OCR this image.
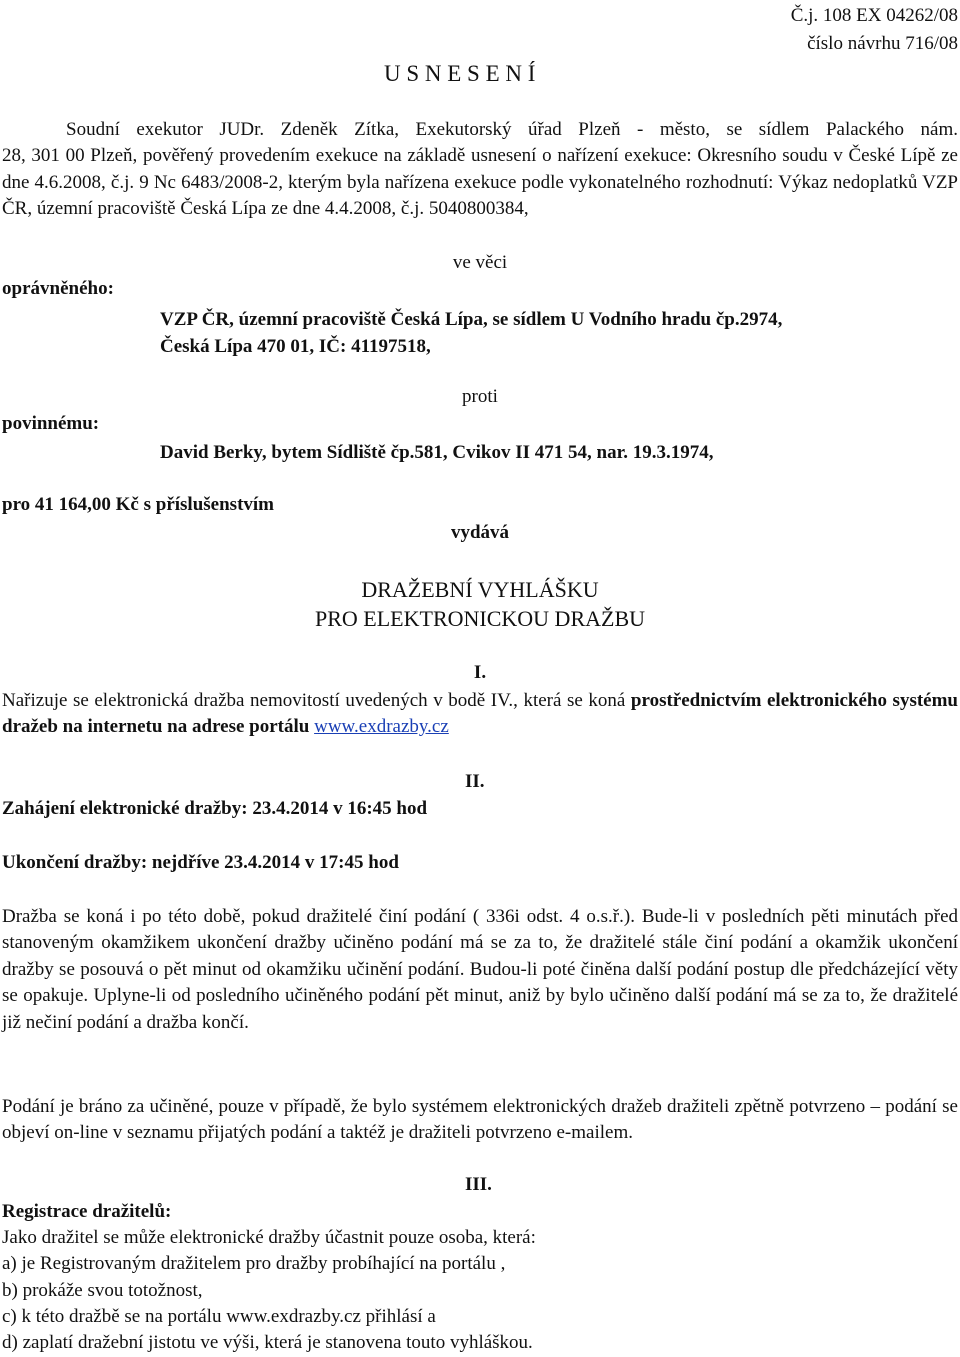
Č.j. 108 EX 04262/08
číslo návrhu 716/08
U S N E S E N Í
Soudní exekutor JUDr. Zdeněk Zítka, Exekutorský úřad Plzeň - město, se sídlem Palackého nám.
28, 301 00 Plzeň, pověřený provedením exekuce na základě usnesení o nařízení exekuce: Okresního soudu v České Lípě ze dne 4.6.2008, č.j. 9 Nc 6483/2008-2, kterým byla nařízena exekuce podle vykonatelného rozhodnutí: Výkaz nedoplatků VZP ČR, územní pracoviště Česká Lípa ze dne 4.4.2008, č.j. 5040800384,
ve věci
oprávněného:
VZP ČR, územní pracoviště Česká Lípa, se sídlem U Vodního hradu čp.2974,
Česká Lípa 470 01, IČ: 41197518,
proti
povinnému:
David Berky, bytem Sídliště čp.581, Cvikov II 471 54, nar. 19.3.1974,
pro 41 164,00 Kč s příslušenstvím
vydává
DRAŽEBNÍ VYHLÁŠKU
PRO ELEKTRONICKOU DRAŽBU
I.
Nařizuje se elektronická dražba nemovitostí uvedených v bodě IV., která se koná prostřednictvím elektronického systému dražeb na internetu na adrese portálu www.exdrazby.cz
II.
Zahájení elektronické dražby: 23.4.2014 v 16:45 hod
Ukončení dražby: nejdříve 23.4.2014 v 17:45 hod
Dražba se koná i po této době, pokud dražitelé činí podání ( 336i odst. 4 o.s.ř.). Bude-li v posledních pěti minutách před stanoveným okamžikem ukončení dražby učiněno podání má se za to, že dražitelé stále činí podání a okamžik ukončení dražby se posouvá o pět minut od okamžiku učinění podání. Budou-li poté činěna další podání postup dle předcházející věty se opakuje. Uplyne-li od posledního učiněného podání pět minut, aniž by bylo učiněno další podání má se za to, že dražitelé již nečiní podání a dražba končí.
Podání je bráno za učiněné, pouze v případě, že bylo systémem elektronických dražeb dražiteli zpětně potvrzeno – podání se objeví on-line v seznamu přijatých podání a taktéž je dražiteli potvrzeno e-mailem.
III.
Registrace dražitelů:
Jako dražitel se může elektronické dražby účastnit pouze osoba, která:
a) je Registrovaným dražitelem pro dražby probíhající na portálu ,
b) prokáže svou totožnost,
c) k této dražbě se na portálu www.exdrazby.cz přihlásí a
d) zaplatí dražební jistotu ve výši, která je stanovena touto vyhláškou.
